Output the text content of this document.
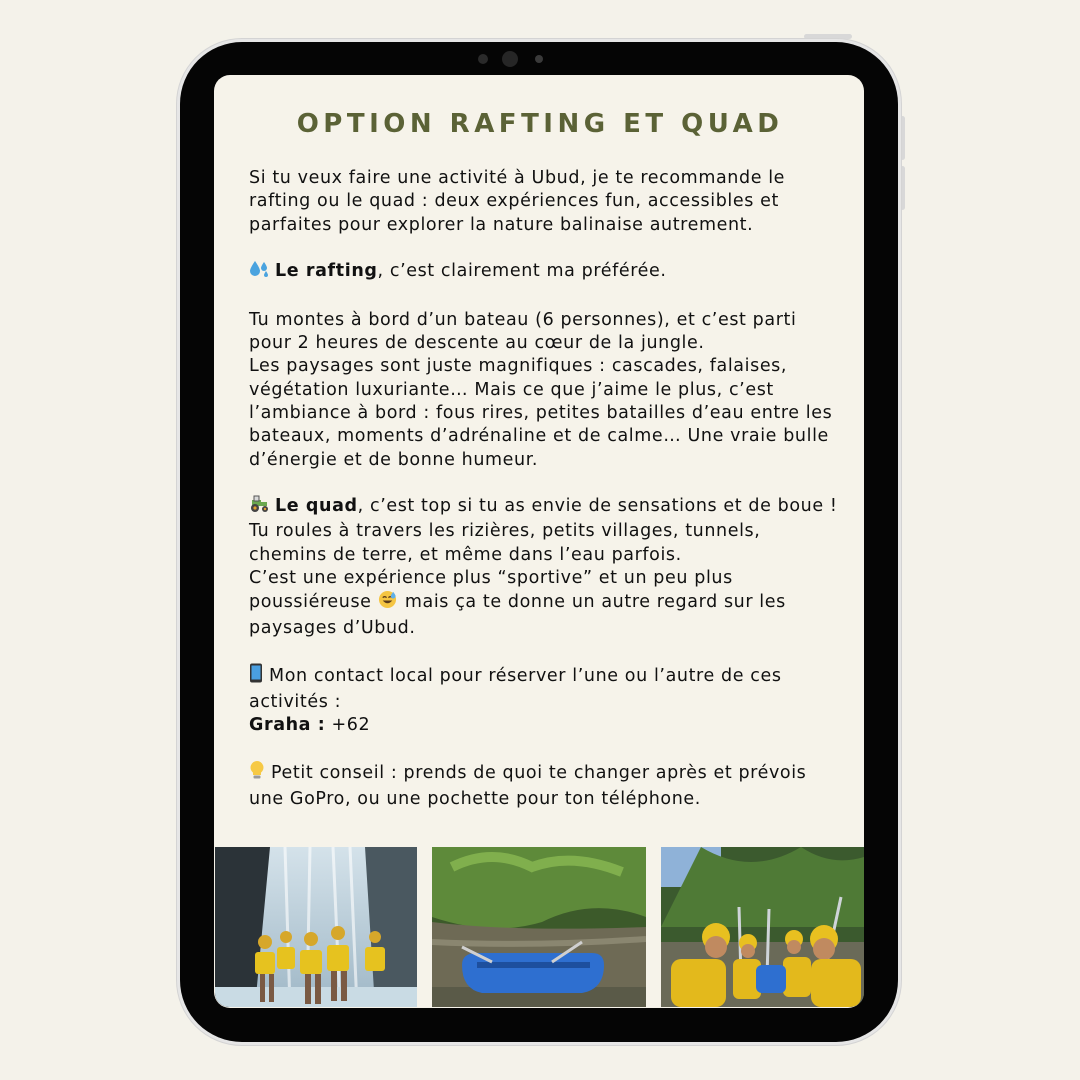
OPTION RAFTING ET QUAD

Si tu veux faire une activité à Ubud, je te recommande le rafting ou le quad : deux expériences fun, accessibles et parfaites pour explorer la nature balinaise autrement.

Le rafting, c’est clairement ma préférée.

Tu montes à bord d’un bateau (6 personnes), et c’est parti pour 2 heures de descente au cœur de la jungle.
Les paysages sont juste magnifiques : cascades, falaises, végétation luxuriante… Mais ce que j’aime le plus, c’est l’ambiance à bord : fous rires, petites batailles d’eau entre les bateaux, moments d’adrénaline et de calme… Une vraie bulle d’énergie et de bonne humeur.

Le quad, c’est top si tu as envie de sensations et de boue !
Tu roules à travers les rizières, petits villages, tunnels, chemins de terre, et même dans l’eau parfois.
C’est une expérience plus “sportive” et un peu plus poussiéreuse mais ça te donne un autre regard sur les paysages d’Ubud.

Mon contact local pour réserver l’une ou l’autre de ces activités :
Graha : +62

Petit conseil : prends de quoi te changer après et prévois une GoPro, ou une pochette pour ton téléphone.
